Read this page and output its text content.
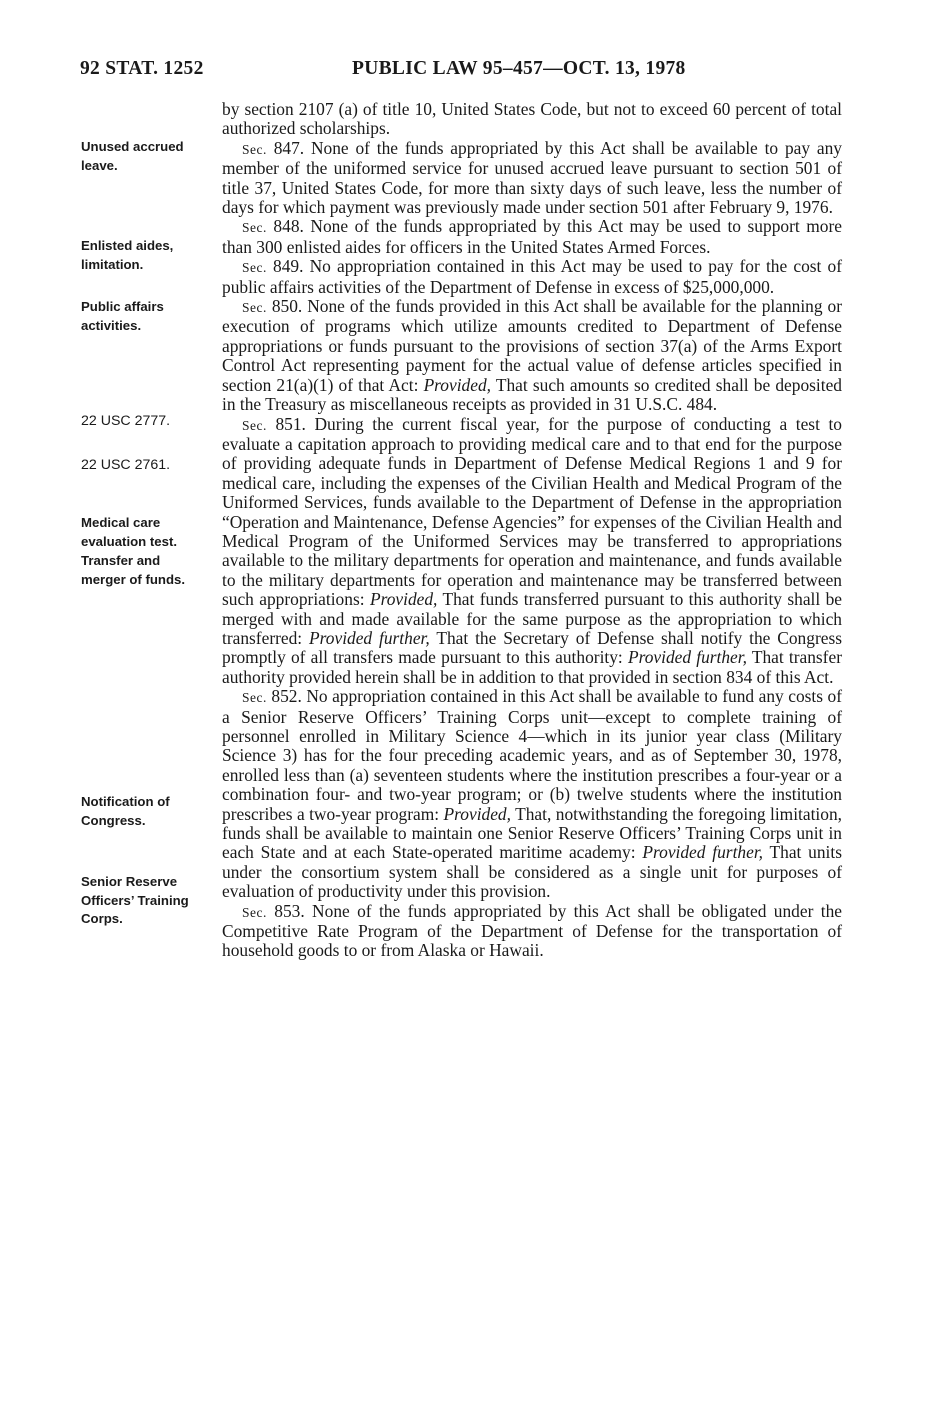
92 STAT. 1252	PUBLIC LAW 95–457—OCT. 13, 1978
Unused accrued
leave.
Enlisted aides,
limitation.
Public affairs
activities.
22 USC 2777.
22 USC 2761.
Medical care
evaluation test.
Transfer and
merger of funds.
Notification of
Congress.
Senior Reserve
Officers’ Training
Corps.

by section 2107 (a) of title 10, United States Code, but not to exceed 60 percent of total authorized scholarships.

Sec. 847. None of the funds appropriated by this Act shall be available to pay any member of the uniformed service for unused accrued leave pursuant to section 501 of title 37, United States Code, for more than sixty days of such leave, less the number of days for which payment was previously made under section 501 after February 9, 1976.

Sec. 848. None of the funds appropriated by this Act may be used to support more than 300 enlisted aides for officers in the United States Armed Forces.

Sec. 849. No appropriation contained in this Act may be used to pay for the cost of public affairs activities of the Department of Defense in excess of $25,000,000.

Sec. 850. None of the funds provided in this Act shall be available for the planning or execution of programs which utilize amounts credited to Department of Defense appropriations or funds pursuant to the provisions of section 37(a) of the Arms Export Control Act representing payment for the actual value of defense articles specified in section 21(a)(1) of that Act: Provided, That such amounts so credited shall be deposited in the Treasury as miscellaneous receipts as provided in 31 U.S.C. 484.

Sec. 851. During the current fiscal year, for the purpose of conducting a test to evaluate a capitation approach to providing medical care and to that end for the purpose of providing adequate funds in Department of Defense Medical Regions 1 and 9 for medical care, including the expenses of the Civilian Health and Medical Program of the Uniformed Services, funds available to the Department of Defense in the appropriation “Operation and Maintenance, Defense Agencies” for expenses of the Civilian Health and Medical Program of the Uniformed Services may be transferred to appropriations available to the military departments for operation and maintenance, and funds available to the military departments for operation and maintenance may be transferred between such appropriations: Provided, That funds transferred pursuant to this authority shall be merged with and made available for the same purpose as the appropriation to which transferred: Provided further, That the Secretary of Defense shall notify the Congress promptly of all transfers made pursuant to this authority: Provided further, That transfer authority provided herein shall be in addition to that provided in section 834 of this Act.

Sec. 852. No appropriation contained in this Act shall be available to fund any costs of a Senior Reserve Officers’ Training Corps unit—except to complete training of personnel enrolled in Military Science 4—which in its junior year class (Military Science 3) has for the four preceding academic years, and as of September 30, 1978, enrolled less than (a) seventeen students where the institution prescribes a four-year or a combination four- and two-year program; or (b) twelve students where the institution prescribes a two-year program: Provided, That, notwithstanding the foregoing limitation, funds shall be available to maintain one Senior Reserve Officers’ Training Corps unit in each State and at each State-operated maritime academy: Provided further, That units under the consortium system shall be considered as a single unit for purposes of evaluation of productivity under this provision.

Sec. 853. None of the funds appropriated by this Act shall be obligated under the Competitive Rate Program of the Department of Defense for the transportation of household goods to or from Alaska or Hawaii.
